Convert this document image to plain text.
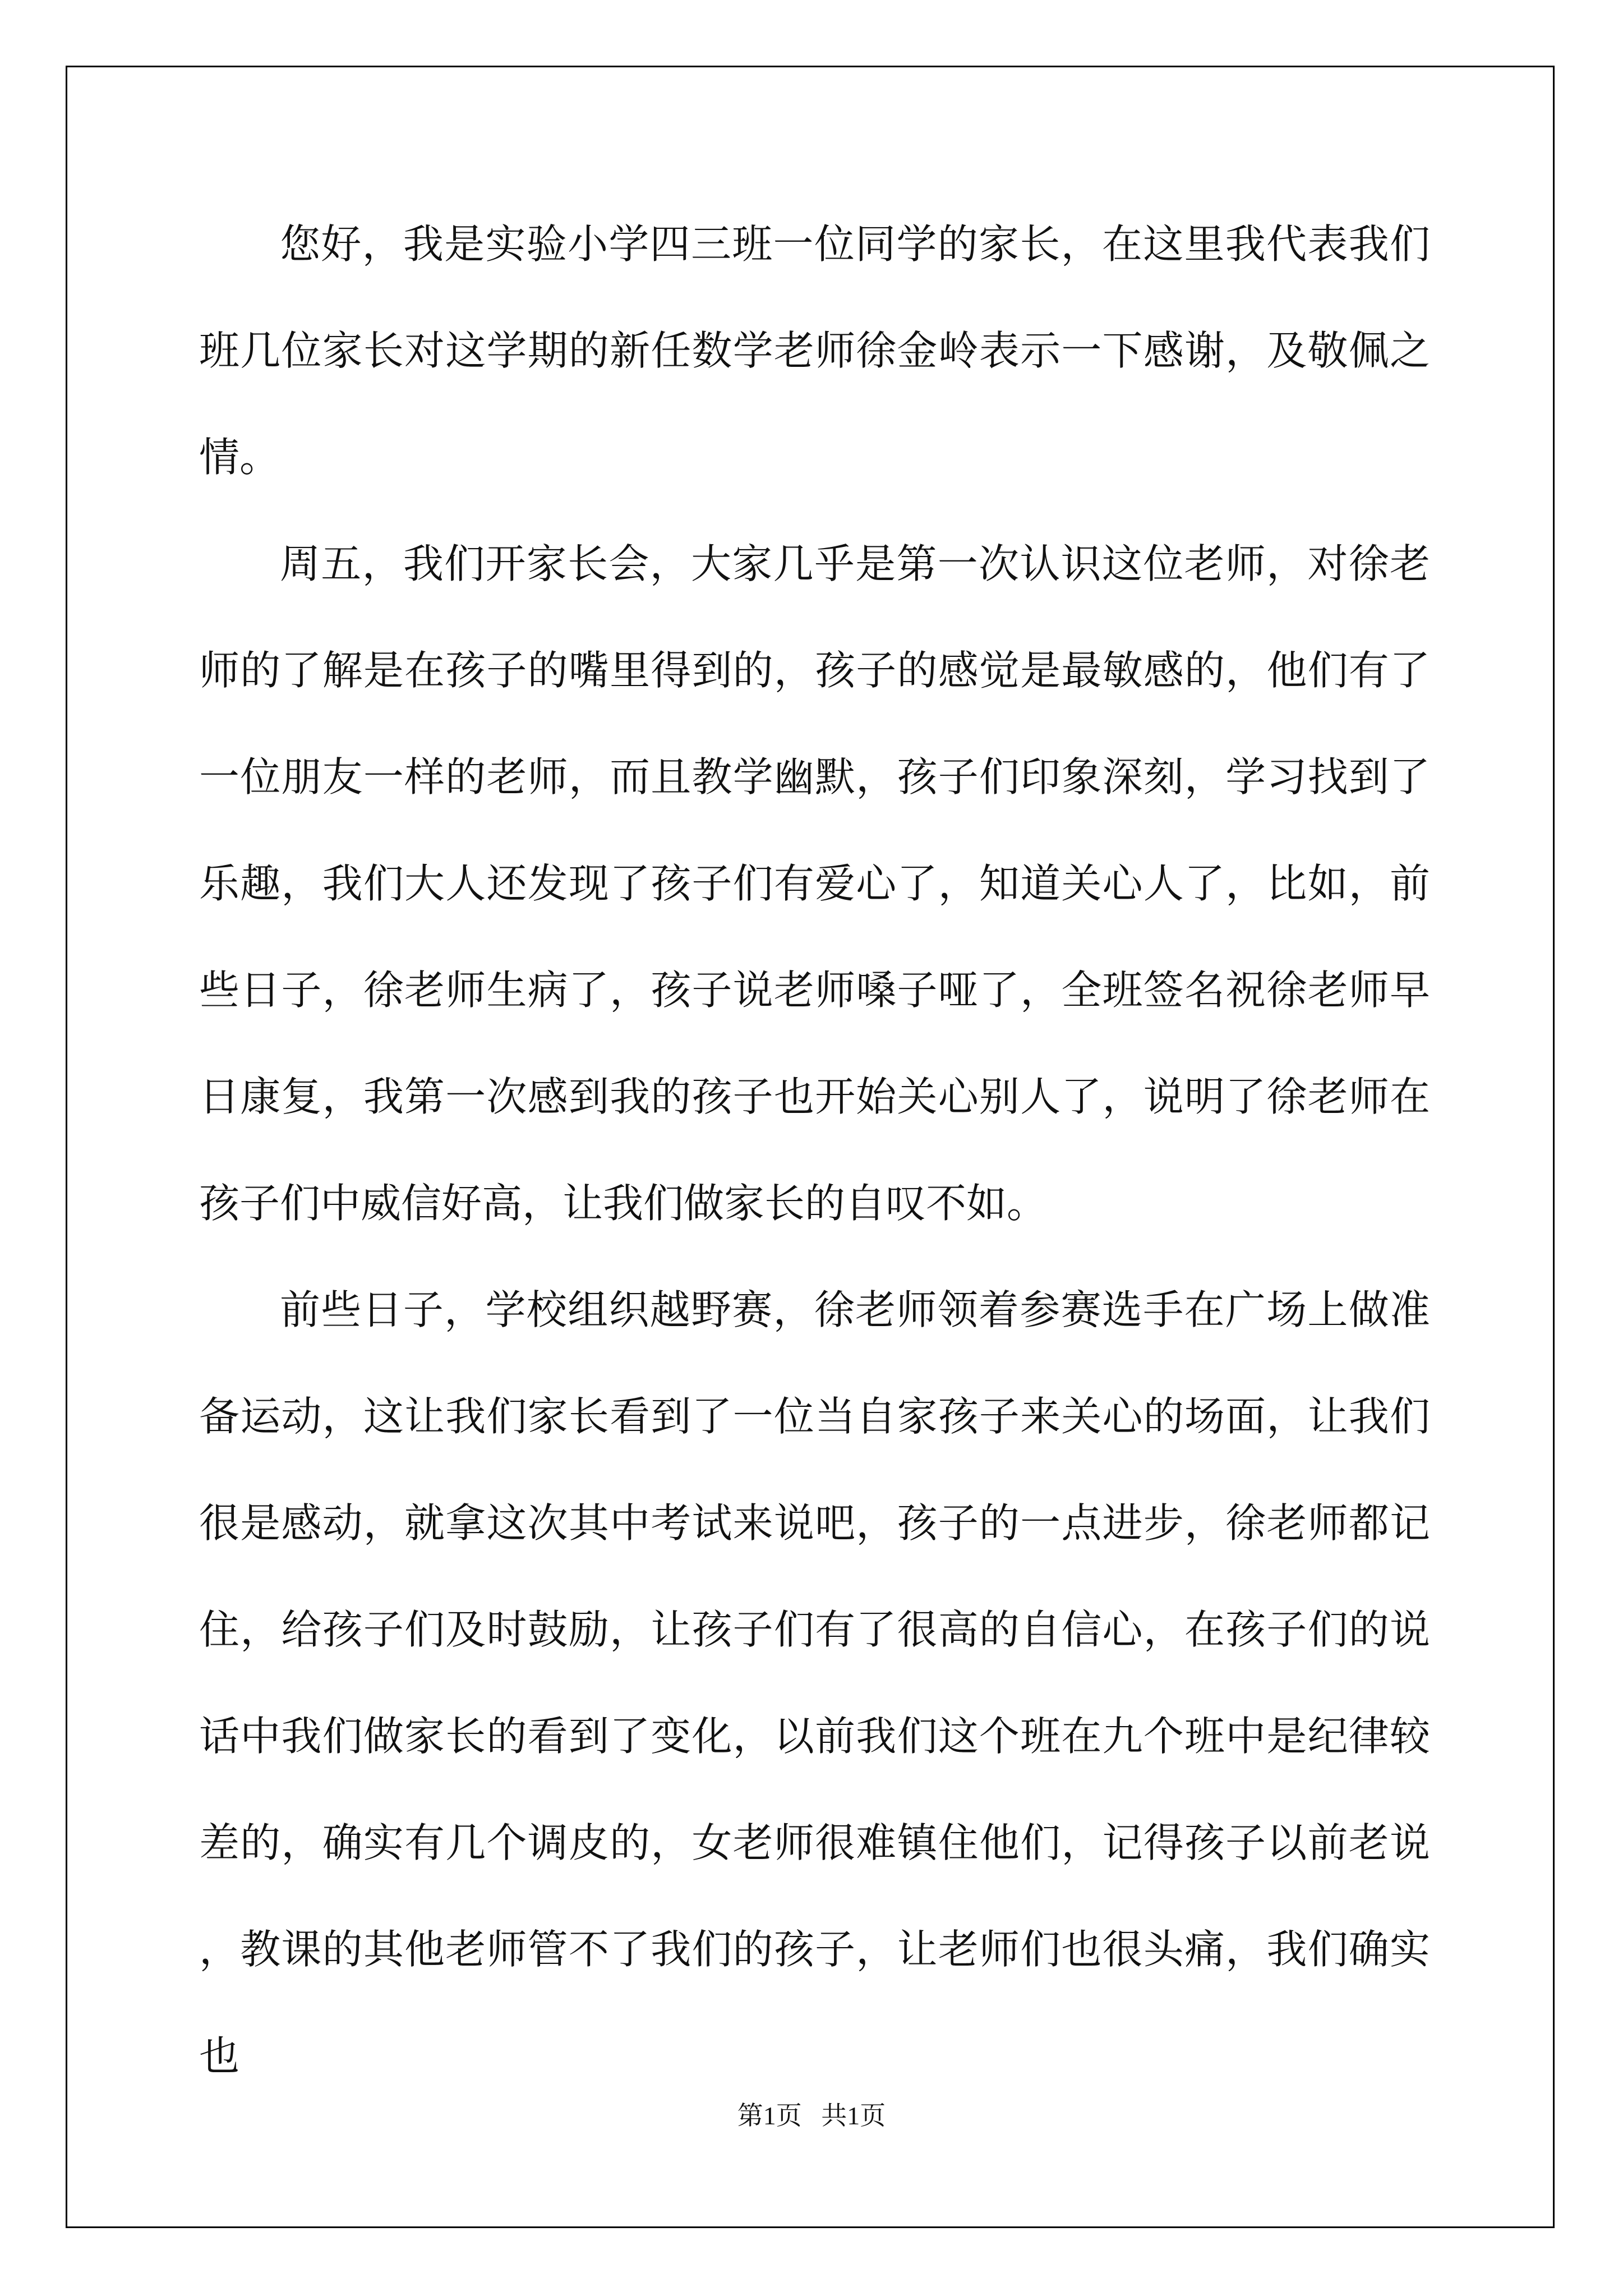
您好，我是实验小学四三班一位同学的家长，在这里我代表我们班几位家长对这学期的新任数学老师徐金岭表示一下感谢，及敬佩之情。

周五，我们开家长会，大家几乎是第一次认识这位老师，对徐老师的了解是在孩子的嘴里得到的，孩子的感觉是最敏感的，他们有了一位朋友一样的老师，而且教学幽默，孩子们印象深刻，学习找到了乐趣，我们大人还发现了孩子们有爱心了，知道关心人了，比如，前些日子，徐老师生病了，孩子说老师嗓子哑了，全班签名祝徐老师早日康复，我第一次感到我的孩子也开始关心别人了，说明了徐老师在孩子们中威信好高，让我们做家长的自叹不如。

前些日子，学校组织越野赛，徐老师领着参赛选手在广场上做准备运动，这让我们家长看到了一位当自家孩子来关心的场面，让我们很是感动，就拿这次其中考试来说吧，孩子的一点进步，徐老师都记住，给孩子们及时鼓励，让孩子们有了很高的自信心，在孩子们的说话中我们做家长的看到了变化，以前我们这个班在九个班中是纪律较差的，确实有几个调皮的，女老师很难镇住他们，记得孩子以前老说，教课的其他老师管不了我们的孩子，让老师们也很头痛，我们确实也

第1页   共1页
